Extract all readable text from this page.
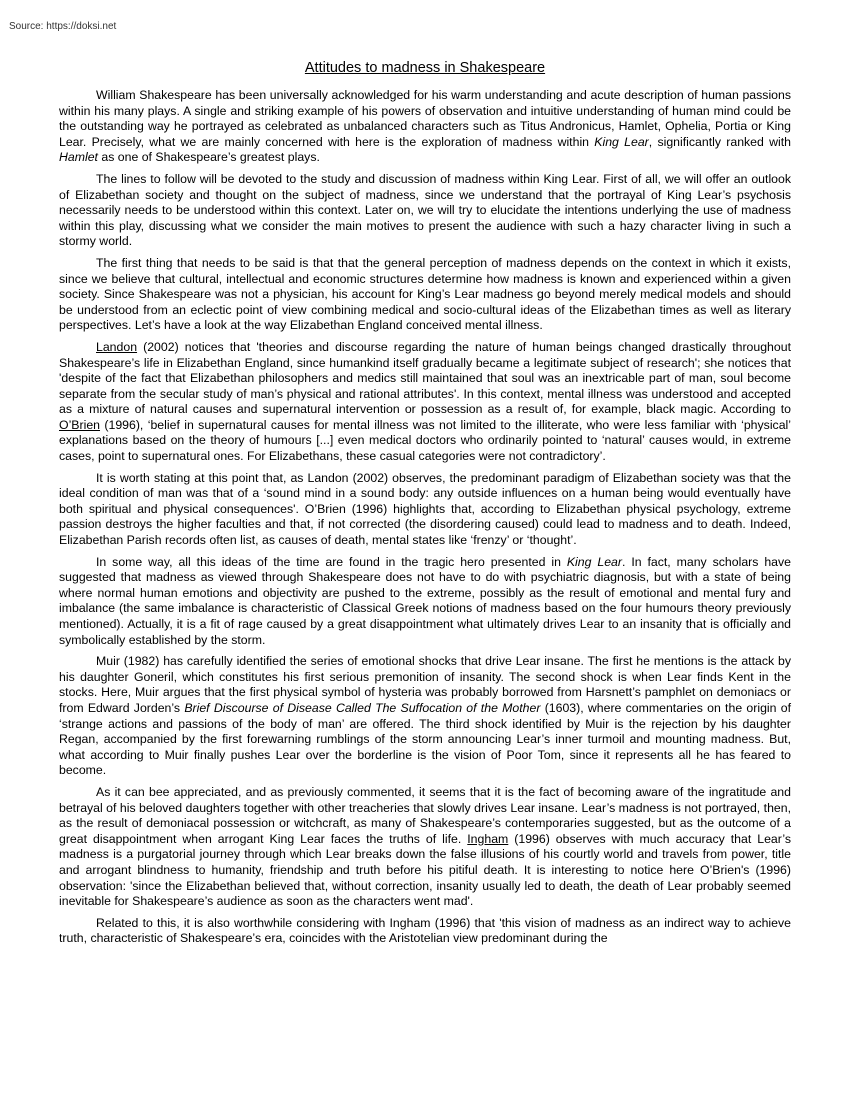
Source: https://doksi.net
Attitudes to madness in Shakespeare

William Shakespeare has been universally acknowledged for his warm understanding and acute description of human passions within his many plays. A single and striking example of his powers of observation and intuitive understanding of human mind could be the outstanding way he portrayed as celebrated as unbalanced characters such as Titus Andronicus, Hamlet, Ophelia, Portia or King Lear. Precisely, what we are mainly concerned with here is the exploration of madness within King Lear, significantly ranked with Hamlet as one of Shakespeare’s greatest plays.

The lines to follow will be devoted to the study and discussion of madness within King Lear. First of all, we will offer an outlook of Elizabethan society and thought on the subject of madness, since we understand that the portrayal of King Lear’s psychosis necessarily needs to be understood within this context. Later on, we will try to elucidate the intentions underlying the use of madness within this play, discussing what we consider the main motives to present the audience with such a hazy character living in such a stormy world.

The first thing that needs to be said is that that the general perception of madness depends on the context in which it exists, since we believe that cultural, intellectual and economic structures determine how madness is known and experienced within a given society. Since Shakespeare was not a physician, his account for King’s Lear madness go beyond merely medical models and should be understood from an eclectic point of view combining medical and socio-cultural ideas of the Elizabethan times as well as literary perspectives. Let’s have a look at the way Elizabethan England conceived mental illness.

Landon (2002) notices that 'theories and discourse regarding the nature of human beings changed drastically throughout Shakespeare’s life in Elizabethan England, since humankind itself gradually became a legitimate subject of research'; she notices that 'despite of the fact that Elizabethan philosophers and medics still maintained that soul was an inextricable part of man, soul become separate from the secular study of man’s physical and rational attributes'. In this context, mental illness was understood and accepted as a mixture of natural causes and supernatural intervention or possession as a result of, for example, black magic. According to O’Brien (1996), ‘belief in supernatural causes for mental illness was not limited to the illiterate, who were less familiar with ‘physical’ explanations based on the theory of humours [...] even medical doctors who ordinarily pointed to ‘natural’ causes would, in extreme cases, point to supernatural ones. For Elizabethans, these casual categories were not contradictory’.

It is worth stating at this point that, as Landon (2002) observes, the predominant paradigm of Elizabethan society was that the ideal condition of man was that of a ‘sound mind in a sound body: any outside influences on a human being would eventually have both spiritual and physical consequences'. O’Brien (1996) highlights that, according to Elizabethan physical psychology, extreme passion destroys the higher faculties and that, if not corrected (the disordering caused) could lead to madness and to death. Indeed, Elizabethan Parish records often list, as causes of death, mental states like ‘frenzy’ or ‘thought’.

In some way, all this ideas of the time are found in the tragic hero presented in King Lear. In fact, many scholars have suggested that madness as viewed through Shakespeare does not have to do with psychiatric diagnosis, but with a state of being where normal human emotions and objectivity are pushed to the extreme, possibly as the result of emotional and mental fury and imbalance (the same imbalance is characteristic of Classical Greek notions of madness based on the four humours theory previously mentioned). Actually, it is a fit of rage caused by a great disappointment what ultimately drives Lear to an insanity that is officially and symbolically established by the storm.

Muir (1982) has carefully identified the series of emotional shocks that drive Lear insane. The first he mentions is the attack by his daughter Goneril, which constitutes his first serious premonition of insanity. The second shock is when Lear finds Kent in the stocks. Here, Muir argues that the first physical symbol of hysteria was probably borrowed from Harsnett’s pamphlet on demoniacs or from Edward Jorden’s Brief Discourse of Disease Called The Suffocation of the Mother (1603), where commentaries on the origin of ‘strange actions and passions of the body of man’ are offered. The third shock identified by Muir is the rejection by his daughter Regan, accompanied by the first forewarning rumblings of the storm announcing Lear’s inner turmoil and mounting madness. But, what according to Muir finally pushes Lear over the borderline is the vision of Poor Tom, since it represents all he has feared to become.

As it can bee appreciated, and as previously commented, it seems that it is the fact of becoming aware of the ingratitude and betrayal of his beloved daughters together with other treacheries that slowly drives Lear insane. Lear’s madness is not portrayed, then, as the result of demoniacal possession or witchcraft, as many of Shakespeare’s contemporaries suggested, but as the outcome of a great disappointment when arrogant King Lear faces the truths of life. Ingham (1996) observes with much accuracy that Lear’s madness is a purgatorial journey through which Lear breaks down the false illusions of his courtly world and travels from power, title and arrogant blindness to humanity, friendship and truth before his pitiful death. It is interesting to notice here O’Brien's (1996) observation: 'since the Elizabethan believed that, without correction, insanity usually led to death, the death of Lear probably seemed inevitable for Shakespeare’s audience as soon as the characters went mad'.

Related to this, it is also worthwhile considering with Ingham (1996) that 'this vision of madness as an indirect way to achieve truth, characteristic of Shakespeare’s era, coincides with the Aristotelian view predominant during the
